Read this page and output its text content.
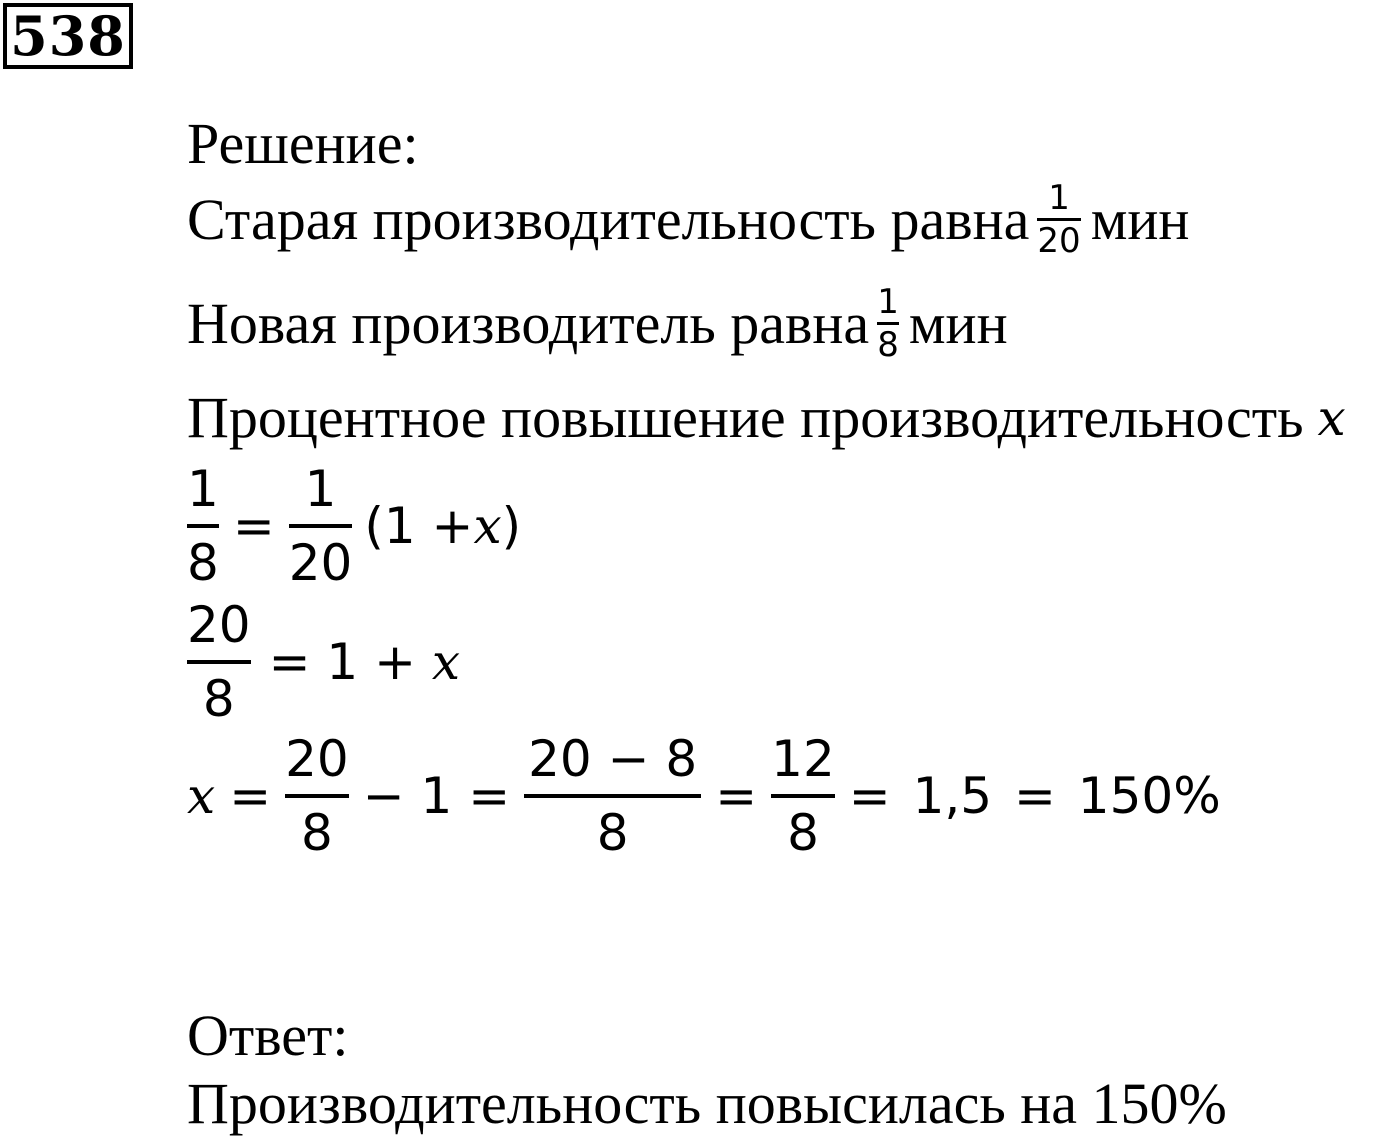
538
Решение:
Старая производительность равна $\frac{1}{20}$ мин
Новая производитель равна $\frac{1}{8}$ мин
Процентное повышение производительность x
$\frac{1}{8} = \frac{1}{20} (1 + x$ )
$\frac{20}{8} = 1 + x$
$x = \frac{20}{8} - 1 = \frac{20 - 8}{8} = \frac{12}{8} = 1,5 = 150\%$
Ответ:
Производительность повысилась на 150%
